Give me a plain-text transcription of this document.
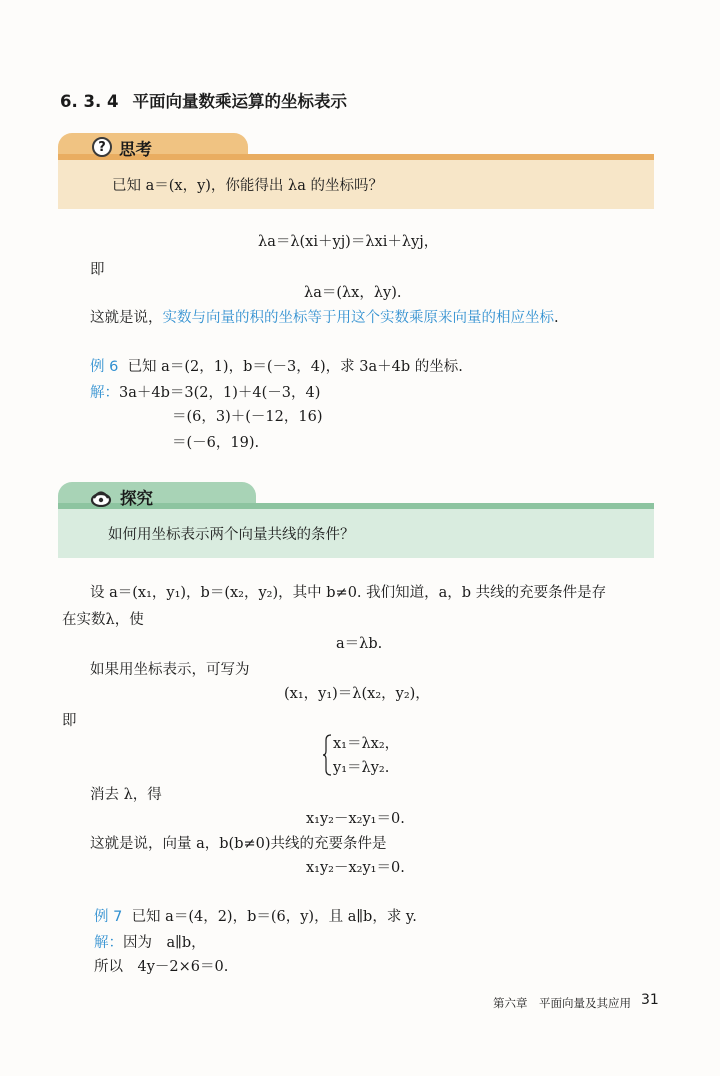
6. 3. 4 平面向量数乘运算的坐标表示
? 思考
已知 a＝(x，y)，你能得出 λa 的坐标吗？
λa＝λ(xi＋yj)＝λxi＋λyj，
即
λa＝(λx，λy).
这就是说，实数与向量的积的坐标等于用这个实数乘原来向量的相应坐标.
例 6 已知 a＝(2，1)，b＝(－3，4)，求 3a＋4b 的坐标.
解：3a＋4b＝3(2，1)＋4(－3，4)
＝(6，3)＋(－12，16)
＝(－6，19).
探究
如何用坐标表示两个向量共线的条件？
设 a＝(x₁，y₁)，b＝(x₂，y₂)，其中 b≠0. 我们知道，a，b 共线的充要条件是存
在实数λ，使
a＝λb.
如果用坐标表示，可写为
(x₁，y₁)＝λ(x₂，y₂)，
即
x₁＝λx₂，
y₁＝λy₂.
消去 λ，得
x₁y₂－x₂y₁＝0.
这就是说，向量 a，b(b≠0)共线的充要条件是
x₁y₂－x₂y₁＝0.
例 7 已知 a＝(4，2)，b＝(6，y)，且 a∥b，求 y.
解：因为　a∥b，
所以　4y－2×6＝0.
第六章　平面向量及其应用 31
